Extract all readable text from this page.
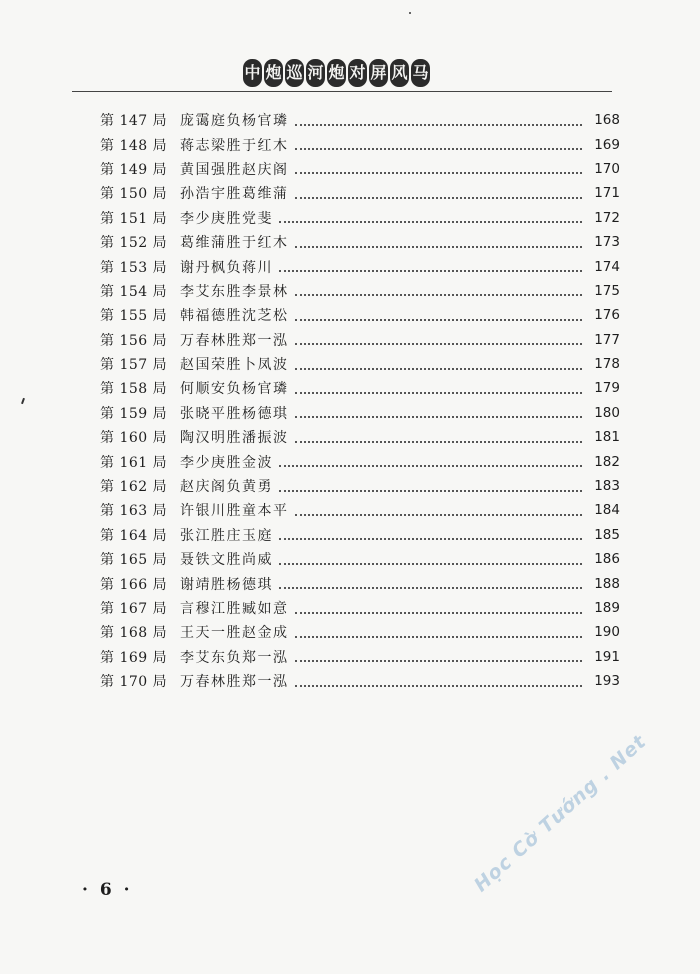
中 炮 巡 河 炮 对 屏 风 马
第 147 局 庞霭庭负杨官璘	168
第 148 局 蒋志梁胜于红木	169
第 149 局 黄国强胜赵庆阁	170
第 150 局 孙浩宇胜葛维蒲	171
第 151 局 李少庚胜党斐	172
第 152 局 葛维蒲胜于红木	173
第 153 局 谢丹枫负蒋川	174
第 154 局 李艾东胜李景林	175
第 155 局 韩福德胜沈芝松	176
第 156 局 万春林胜郑一泓	177
第 157 局 赵国荣胜卜凤波	178
第 158 局 何顺安负杨官璘	179
第 159 局 张晓平胜杨德琪	180
第 160 局 陶汉明胜潘振波	181
第 161 局 李少庚胜金波	182
第 162 局 赵庆阁负黄勇	183
第 163 局 许银川胜童本平	184
第 164 局 张江胜庄玉庭	185
第 165 局 聂铁文胜尚威	186
第 166 局 谢靖胜杨德琪	188
第 167 局 言穆江胜臧如意	189
第 168 局 王天一胜赵金成	190
第 169 局 李艾东负郑一泓	191
第 170 局 万春林胜郑一泓	193
· 6 ·	Học Cờ Tướng . Net
